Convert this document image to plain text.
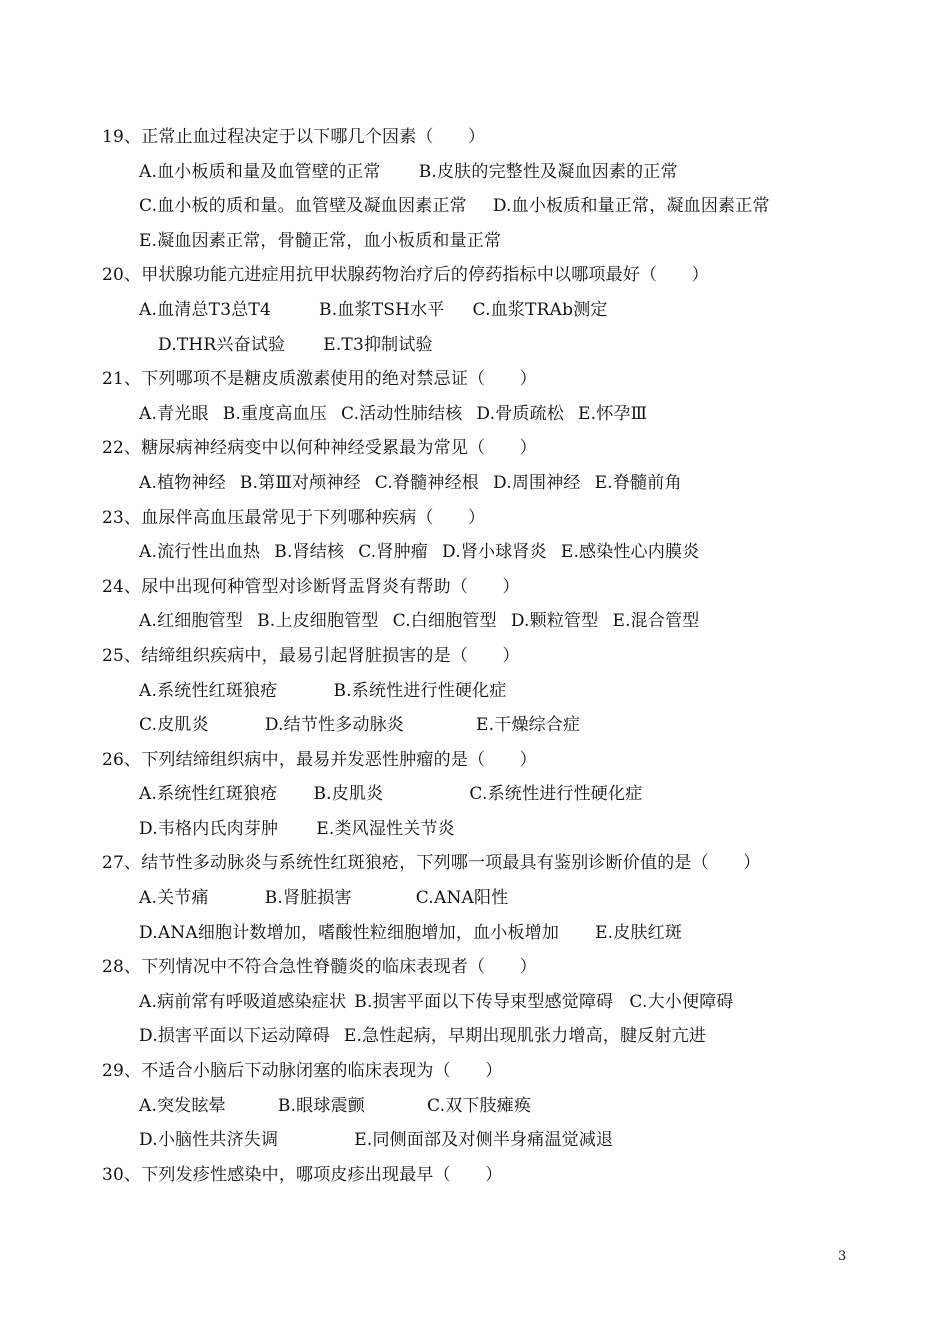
19、正常止血过程决定于以下哪几个因素（　　）
A.血小板质和量及血管壁的正常 B.皮肤的完整性及凝血因素的正常
C.血小板的质和量。血管壁及凝血因素正常 D.血小板质和量正常，凝血因素正常
E.凝血因素正常，骨髓正常，血小板质和量正常
20、甲状腺功能亢进症用抗甲状腺药物治疗后的停药指标中以哪项最好（　　）
A.血清总T3总T4	B.血浆TSH水平 C.血浆TRAb测定
D.THR兴奋试验 E.T3抑制试验
21、下列哪项不是糖皮质激素使用的绝对禁忌证（　　）
A.青光眼 B.重度高血压 C.活动性肺结核 D.骨质疏松 E.怀孕Ⅲ
22、糖尿病神经病变中以何种神经受累最为常见（　　）
A.植物神经 B.第Ⅲ对颅神经 C.脊髓神经根 D.周围神经 E.脊髓前角
23、血尿伴高血压最常见于下列哪种疾病（　　）
A.流行性出血热 B.肾结核 C.肾肿瘤 D.肾小球肾炎 E.感染性心内膜炎
24、尿中出现何种管型对诊断肾盂肾炎有帮助（　　）
A.红细胞管型 B.上皮细胞管型 C.白细胞管型 D.颗粒管型 E.混合管型
25、结缔组织疾病中，最易引起肾脏损害的是（　　）
A.系统性红斑狼疮	B.系统性进行性硬化症
C.皮肌炎	D.结节性多动脉炎	E.干燥综合症
26、下列结缔组织病中，最易并发恶性肿瘤的是（　　）
A.系统性红斑狼疮 B.皮肌炎	C.系统性进行性硬化症
D.韦格内氏肉芽肿 E.类风湿性关节炎
27、结节性多动脉炎与系统性红斑狼疮，下列哪一项最具有鉴别诊断价值的是（　　）
A.关节痛	B.肾脏损害	C.ANA阳性
D.ANA细胞计数增加，嗜酸性粒细胞增加，血小板增加 E.皮肤红斑
28、下列情况中不符合急性脊髓炎的临床表现者（　　）
A.病前常有呼吸道感染症状 B.损害平面以下传导束型感觉障碍 C.大小便障碍
D.损害平面以下运动障碍 E.急性起病，早期出现肌张力增高，腱反射亢进
29、不适合小脑后下动脉闭塞的临床表现为（　　）
A.突发眩晕	B.眼球震颤	C.双下肢瘫痪
D.小脑性共济失调	E.同侧面部及对侧半身痛温觉减退
30、下列发疹性感染中，哪项皮疹出现最早（　　）
3
